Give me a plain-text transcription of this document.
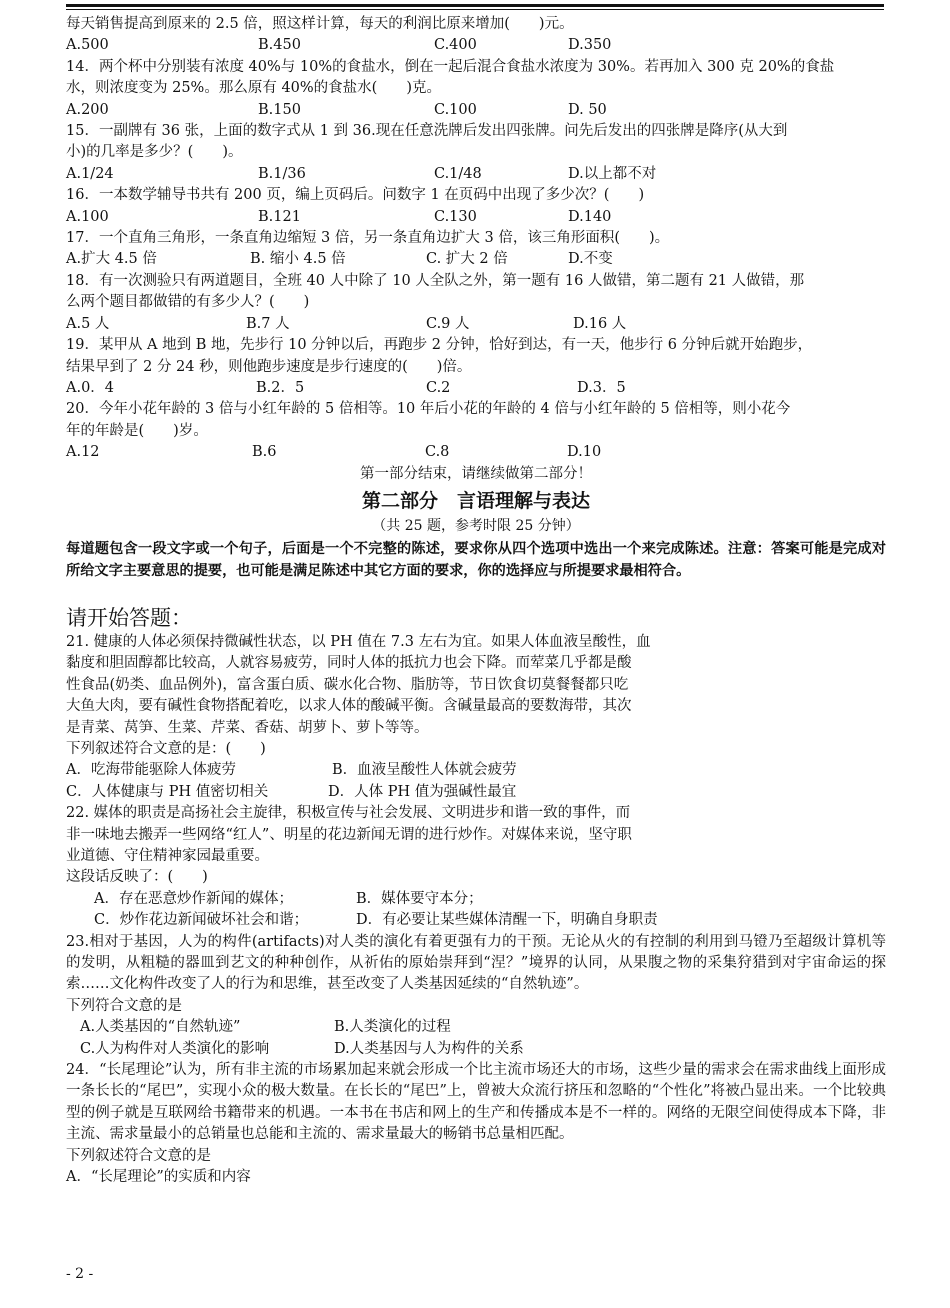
每天销售提高到原来的 2.5 倍，照这样计算，每天的利润比原来增加(　　)元。

A.500	B.450	C.400	D.350

14．两个杯中分别装有浓度 40%与 10%的食盐水，倒在一起后混合食盐水浓度为 30%。若再加入 300 克 20%的食盐

水，则浓度变为 25%。那么原有 40%的食盐水(　　)克。

A.200	B.150	C.100	D. 50

15．一副牌有 36 张，上面的数字式从 1 到 36.现在任意洗牌后发出四张牌。问先后发出的四张牌是降序(从大到

小)的几率是多少？(　　)。

A.1/24	B.1/36	C.1/48	D.以上都不对

16．一本数学辅导书共有 200 页，编上页码后。问数字 1 在页码中出现了多少次？(　　)

A.100	B.121	C.130	D.140

17．一个直角三角形，一条直角边缩短 3 倍，另一条直角边扩大 3 倍，该三角形面积(　　)。

A.扩大 4.5 倍	B. 缩小 4.5 倍	C. 扩大 2 倍	D.不变

18．有一次测验只有两道题目，全班 40 人中除了 10 人全队之外，第一题有 16 人做错，第二题有 21 人做错，那

么两个题目都做错的有多少人？(　　)

A.5 人	B.7 人	C.9 人	D.16 人

19．某甲从 A 地到 B 地，先步行 10 分钟以后，再跑步 2 分钟，恰好到达，有一天，他步行 6 分钟后就开始跑步，

结果早到了 2 分 24 秒，则他跑步速度是步行速度的(　　)倍。

A.0．4	B.2．5	C.2	D.3．5

20．今年小花年龄的 3 倍与小红年龄的 5 倍相等。10 年后小花的年龄的 4 倍与小红年龄的 5 倍相等，则小花今

年的年龄是(　　)岁。

A.12	B.6	C.8	D.10

第一部分结束，请继续做第二部分！

第二部分　言语理解与表达

（共 25 题，参考时限 25 分钟）

每道题包含一段文字或一个句子，后面是一个不完整的陈述，要求你从四个选项中选出一个来完成陈述。注意：答案可能是完成对所给文字主要意思的提要，也可能是满足陈述中其它方面的要求，你的选择应与所提要求最相符合。

请开始答题：

21. 健康的人体必须保持微碱性状态，以 PH 值在 7.3 左右为宜。如果人体血液呈酸性，血

黏度和胆固醇都比较高，人就容易疲劳，同时人体的抵抗力也会下降。而荤菜几乎都是酸

性食品(奶类、血品例外)，富含蛋白质、碳水化合物、脂肪等，节日饮食切莫餐餐都只吃

大鱼大肉，要有碱性食物搭配着吃，以求人体的酸碱平衡。含碱量最高的要数海带，其次

是青菜、莴笋、生菜、芹菜、香菇、胡萝卜、萝卜等等。

下列叙述符合文意的是：(　　)

A．吃海带能驱除人体疲劳	B．血液呈酸性人体就会疲劳
C．人体健康与 PH 值密切相关	D．人体 PH 值为强碱性最宜

22. 媒体的职责是高扬社会主旋律，积极宣传与社会发展、文明进步和谐一致的事件，而

非一味地去搬弄一些网络“红人”、明星的花边新闻无谓的进行炒作。对媒体来说，坚守职

业道德、守住精神家园最重要。

这段话反映了：(　　)

A．存在恶意炒作新闻的媒体；	B．媒体要守本分；
C．炒作花边新闻破坏社会和谐；	D．有必要让某些媒体清醒一下，明确自身职责

23.相对于基因，人为的构件(artifacts)对人类的演化有着更强有力的干预。无论从火的有控制的利用到马镫乃至超级计算机等的发明，从粗糙的器皿到艺文的种种创作，从祈佑的原始崇拜到“涅？”境界的认同，从果腹之物的采集狩猎到对宇宙命运的探索……文化构件改变了人的行为和思维，甚至改变了人类基因延续的“自然轨迹”。

下列符合文意的是

A.人类基因的“自然轨迹”	B.人类演化的过程
C.人为构件对人类演化的影响	D.人类基因与人为构件的关系

24．“长尾理论”认为，所有非主流的市场累加起来就会形成一个比主流市场还大的市场，这些少量的需求会在需求曲线上面形成一条长长的“尾巴”，实现小众的极大数量。在长长的“尾巴”上，曾被大众流行挤压和忽略的“个性化”将被凸显出来。一个比较典型的例子就是互联网给书籍带来的机遇。一本书在书店和网上的生产和传播成本是不一样的。网络的无限空间使得成本下降，非主流、需求量最小的总销量也总能和主流的、需求量最大的畅销书总量相匹配。

下列叙述符合文意的是

A．“长尾理论”的实质和内容

- 2 -
